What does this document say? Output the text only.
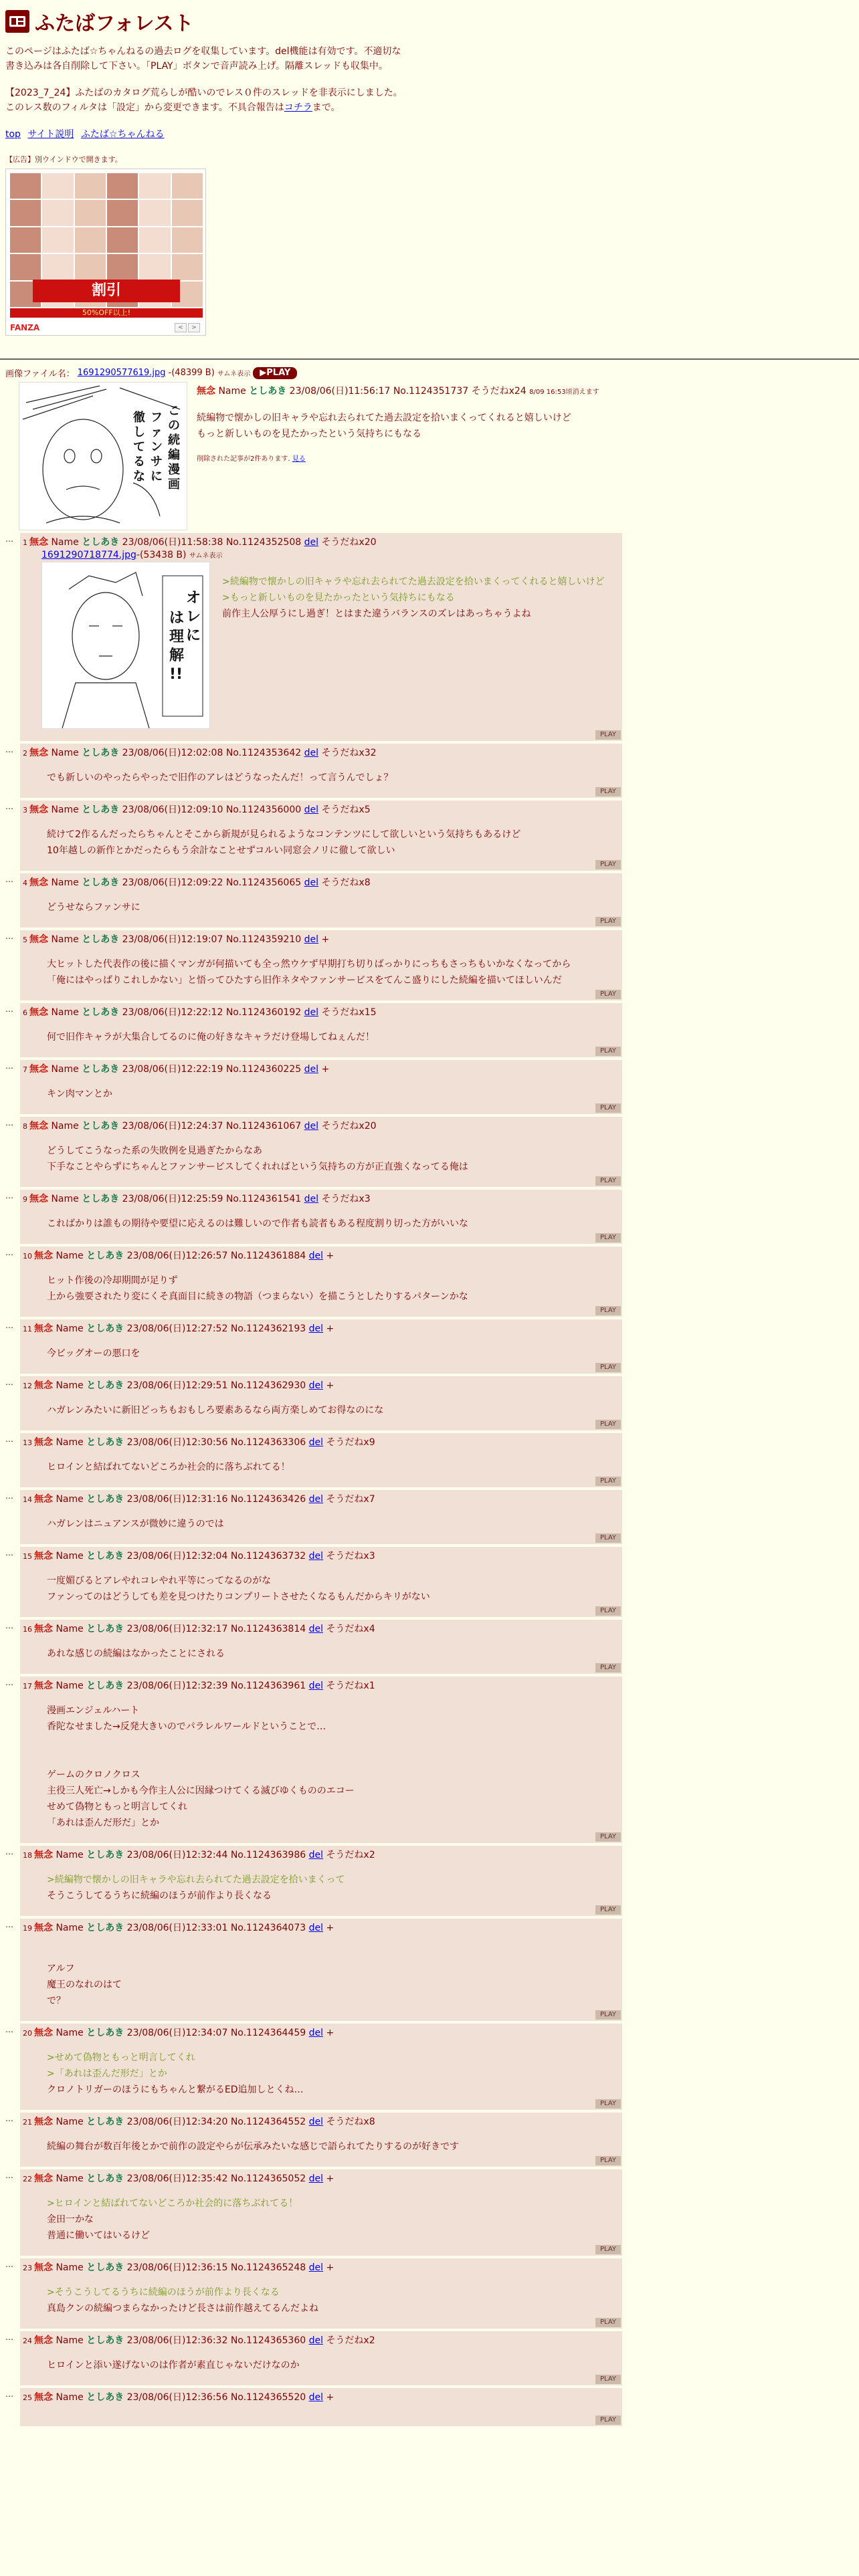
ふたばフォレスト

このページはふたば☆ちゃんねるの過去ログを収集しています。del機能は有効です。不適切な書き込みは各自削除して下さい。「PLAY」ボタンで音声読み上げ。隔離スレッドも収集中。

【2023_7_24】ふたばのカタログ荒らしが酷いのでレス０件のスレッドを非表示にしました。このレス数のフィルタは「設定」から変更できます。不具合報告はコチラまで。

top サイト説明 ふたば☆ちゃんねる
【広告】別ウインドウで開きます。
割引
50%OFF以上!
FANZA	<	>
画像ファイル名： 1691290577619.jpg -(48399 B) サムネ表示	▶PLAY
こ
の
続
編
漫
画
フ
ァ
ン
サ
に
徹
し
て
る
な
無念 Name としあき 23/08/06(日)11:56:17 No.1124351737 そうだねx24 8/09 16:53頃消えます
続編物で懐かしの旧キャラや忘れ去られてた過去設定を拾いまくってくれると嬉しいけど
もっと新しいものを見たかったという気持ちにもなる
削除された記事が2件あります. 見る
…	1 無念 Name としあき 23/08/06(日)11:58:38 No.1124352508 del そうだねx20
1691290718774.jpg-(53438 B) サムネ表示
オ
レ
に
は
理
解
!!
>続編物で懐かしの旧キャラや忘れ去られてた過去設定を拾いまくってくれると嬉しいけど
>もっと新しいものを見たかったという気持ちにもなる
前作主人公厚うにし過ぎ！とはまた違うバランスのズレはあっちゃうよね
PLAY
…	2 無念 Name としあき 23/08/06(日)12:02:08 No.1124353642 del そうだねx32
でも新しいのやったらやったで旧作のアレはどうなったんだ！って言うんでしょ？
PLAY
…	3 無念 Name としあき 23/08/06(日)12:09:10 No.1124356000 del そうだねx5
続けて2作るんだったらちゃんとそこから新規が見られるようなコンテンツにして欲しいという気持ちもあるけど
10年越しの新作とかだったらもう余計なことせずコルい同窓会ノリに徹して欲しい
PLAY
…	4 無念 Name としあき 23/08/06(日)12:09:22 No.1124356065 del そうだねx8
どうせならファンサに
PLAY
…	5 無念 Name としあき 23/08/06(日)12:19:07 No.1124359210 del +
大ヒットした代表作の後に描くマンガが何描いても全っ然ウケず早期打ち切りばっかりにっちもさっちもいかなくなってから
「俺にはやっぱりこれしかない」と悟ってひたすら旧作ネタやファンサービスをてんこ盛りにした続編を描いてほしいんだ
PLAY
…	6 無念 Name としあき 23/08/06(日)12:22:12 No.1124360192 del そうだねx15
何で旧作キャラが大集合してるのに俺の好きなキャラだけ登場してねぇんだ！
PLAY
…	7 無念 Name としあき 23/08/06(日)12:22:19 No.1124360225 del +
キン肉マンとか
PLAY
…	8 無念 Name としあき 23/08/06(日)12:24:37 No.1124361067 del そうだねx20
どうしてこうなった系の失敗例を見過ぎたからなあ
下手なことやらずにちゃんとファンサービスしてくれればという気持ちの方が正直強くなってる俺は
PLAY
…	9 無念 Name としあき 23/08/06(日)12:25:59 No.1124361541 del そうだねx3
こればかりは誰もの期待や要望に応えるのは難しいので作者も読者もある程度割り切った方がいいな
PLAY
…	10 無念 Name としあき 23/08/06(日)12:26:57 No.1124361884 del +
ヒット作後の冷却期間が足りず
上から強要されたり変にくそ真面目に続きの物語（つまらない）を描こうとしたりするパターンかな
PLAY
…	11 無念 Name としあき 23/08/06(日)12:27:52 No.1124362193 del +
今ビッグオーの悪口を
PLAY
…	12 無念 Name としあき 23/08/06(日)12:29:51 No.1124362930 del +
ハガレンみたいに新旧どっちもおもしろ要素あるなら両方楽しめてお得なのにな
PLAY
…	13 無念 Name としあき 23/08/06(日)12:30:56 No.1124363306 del そうだねx9
ヒロインと結ばれてないどころか社会的に落ちぶれてる！
PLAY
…	14 無念 Name としあき 23/08/06(日)12:31:16 No.1124363426 del そうだねx7
ハガレンはニュアンスが微妙に違うのでは
PLAY
…	15 無念 Name としあき 23/08/06(日)12:32:04 No.1124363732 del そうだねx3
一度媚びるとアレやれコレやれ平等にってなるのがな
ファンってのはどうしても差を見つけたりコンプリートさせたくなるもんだからキリがない
PLAY
…	16 無念 Name としあき 23/08/06(日)12:32:17 No.1124363814 del そうだねx4
あれな感じの続編はなかったことにされる
PLAY
…	17 無念 Name としあき 23/08/06(日)12:32:39 No.1124363961 del そうだねx1
漫画エンジェルハート
香陀なせました→反発大きいのでパラレルワールドということで…

ゲームのクロノクロス
主役三人死亡→しかも今作主人公に因縁つけてくる滅びゆくもののエコー
せめて偽物ともっと明言してくれ
「あれは歪んだ形だ」とか
PLAY
…	18 無念 Name としあき 23/08/06(日)12:32:44 No.1124363986 del そうだねx2
>続編物で懐かしの旧キャラや忘れ去られてた過去設定を拾いまくって
そうこうしてるうちに続編のほうが前作より長くなる
PLAY
…	19 無念 Name としあき 23/08/06(日)12:33:01 No.1124364073 del +

アルフ
魔王のなれのはて
で？
PLAY
…	20 無念 Name としあき 23/08/06(日)12:34:07 No.1124364459 del +
>せめて偽物ともっと明言してくれ
>「あれは歪んだ形だ」とか
クロノトリガーのほうにもちゃんと繋がるED追加しとくね…
PLAY
…	21 無念 Name としあき 23/08/06(日)12:34:20 No.1124364552 del そうだねx8
続編の舞台が数百年後とかで前作の設定やらが伝承みたいな感じで語られてたりするのが好きです
PLAY
…	22 無念 Name としあき 23/08/06(日)12:35:42 No.1124365052 del +
>ヒロインと結ばれてないどころか社会的に落ちぶれてる！
金田一かな
普通に働いてはいるけど
PLAY
…	23 無念 Name としあき 23/08/06(日)12:36:15 No.1124365248 del +
>そうこうしてるうちに続編のほうが前作より長くなる
真島クンの続編つまらなかったけど長さは前作越えてるんだよね
PLAY
…	24 無念 Name としあき 23/08/06(日)12:36:32 No.1124365360 del そうだねx2
ヒロインと添い遂げないのは作者が素直じゃないだけなのか
PLAY
…	25 無念 Name としあき 23/08/06(日)12:36:56 No.1124365520 del +
PLAY
